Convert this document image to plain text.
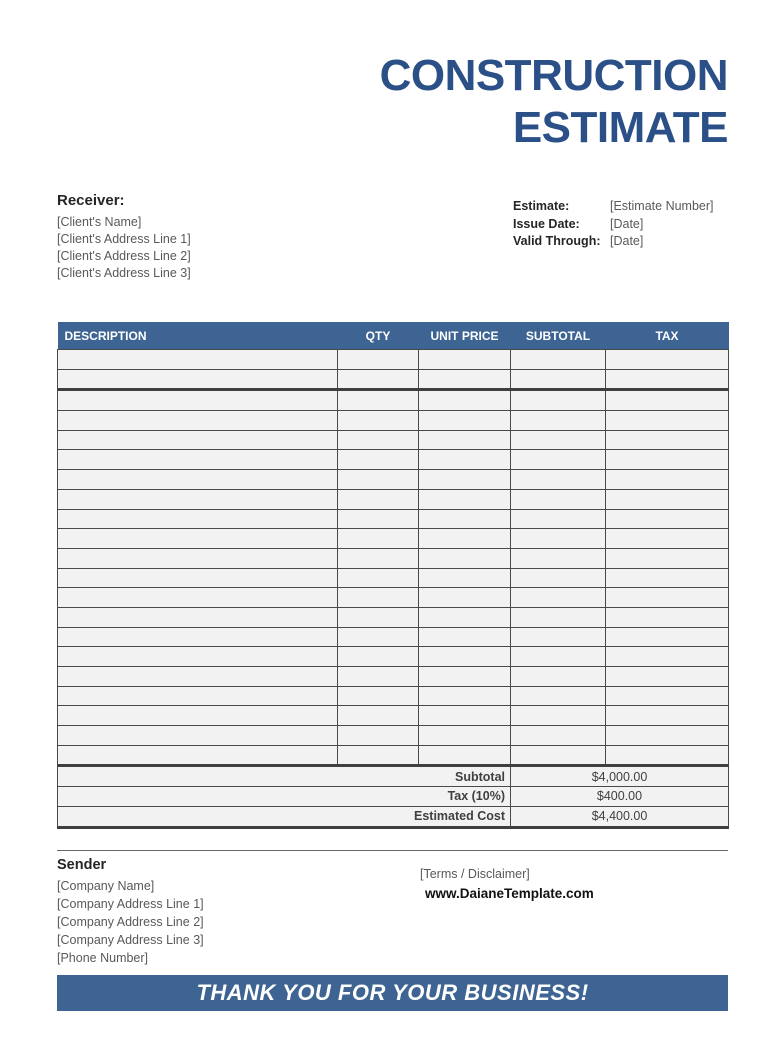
CONSTRUCTION
ESTIMATE
Receiver:
[Client's Name]
[Client's Address Line 1]
[Client's Address Line 2]
[Client's Address Line 3]
Estimate:	[Estimate Number]
Issue Date:	[Date]
Valid Through: [Date]
DESCRIPTION	QTY	UNIT PRICE	SUBTOTAL	TAX

Subtotal			$4,000.00	
Tax (10%)			$400.00	
Estimated Cost			$4,400.00	
Sender
[Company Name]
[Company Address Line 1]
[Company Address Line 2]
[Company Address Line 3]
[Phone Number]
[Terms / Disclaimer]
www.DaianeTemplate.com
THANK YOU FOR YOUR BUSINESS!
